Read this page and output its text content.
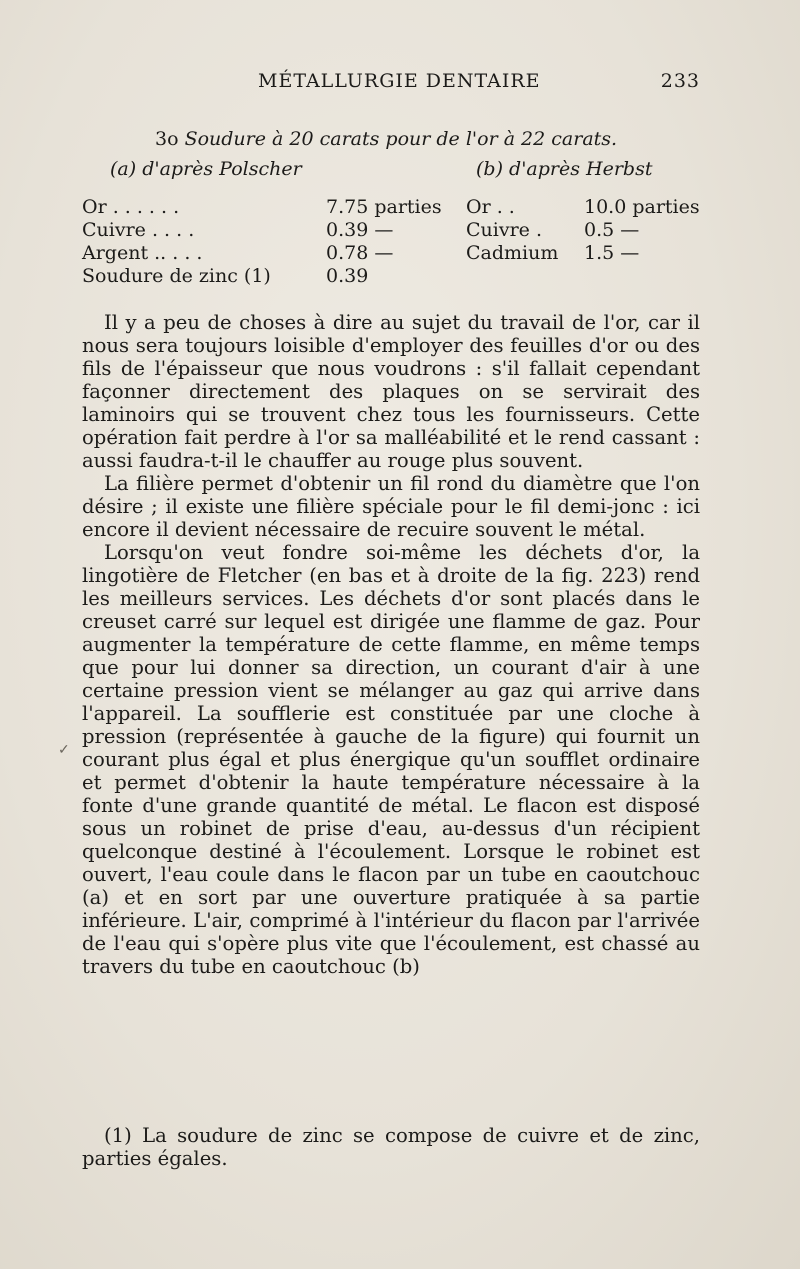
MÉTALLURGIE DENTAIRE	233
3o Soudure à 20 carats pour de l'or à 22 carats.
(a) d'après Polscher	(b) d'après Herbst
Or . . . . . .	7.75 parties
Cuivre . . . .	0.39 —
Argent .. . . .	0.78 —
Soudure de zinc (1)	0.39
Or . .	10.0 parties
Cuivre . 0.5 —
Cadmium 1.5 —

Il y a peu de choses à dire au sujet du travail de l'or, car il nous sera toujours loisible d'employer des feuilles d'or ou des fils de l'épaisseur que nous voudrons : s'il fallait cependant façonner directement des plaques on se servirait des laminoirs qui se trouvent chez tous les fournisseurs. Cette opération fait perdre à l'or sa malléabilité et le rend cassant : aussi faudra-t-il le chauffer au rouge plus souvent.

La filière permet d'obtenir un fil rond du diamètre que l'on désire ; il existe une filière spéciale pour le fil demi-jonc : ici encore il devient nécessaire de recuire souvent le métal.

Lorsqu'on veut fondre soi-même les déchets d'or, la lingotière de Fletcher (en bas et à droite de la fig. 223) rend les meilleurs services. Les déchets d'or sont placés dans le creuset carré sur lequel est dirigée une flamme de gaz. Pour augmenter la température de cette flamme, en même temps que pour lui donner sa direction, un courant d'air à une certaine pression vient se mélanger au gaz qui arrive dans l'appareil. La soufflerie est constituée par une cloche à pression (représentée à gauche de la figure) qui fournit un courant plus égal et plus énergique qu'un soufflet ordinaire et permet d'obtenir la haute température nécessaire à la fonte d'une grande quantité de métal. Le flacon est disposé sous un robinet de prise d'eau, au-dessus d'un récipient quelconque destiné à l'écoulement. Lorsque le robinet est ouvert, l'eau coule dans le flacon par un tube en caoutchouc (a) et en sort par une ouverture pratiquée à sa partie inférieure. L'air, comprimé à l'intérieur du flacon par l'arrivée de l'eau qui s'opère plus vite que l'écoulement, est chassé au travers du tube en caoutchouc (b)

✓
(1) La soudure de zinc se compose de cuivre et de zinc, parties égales.
